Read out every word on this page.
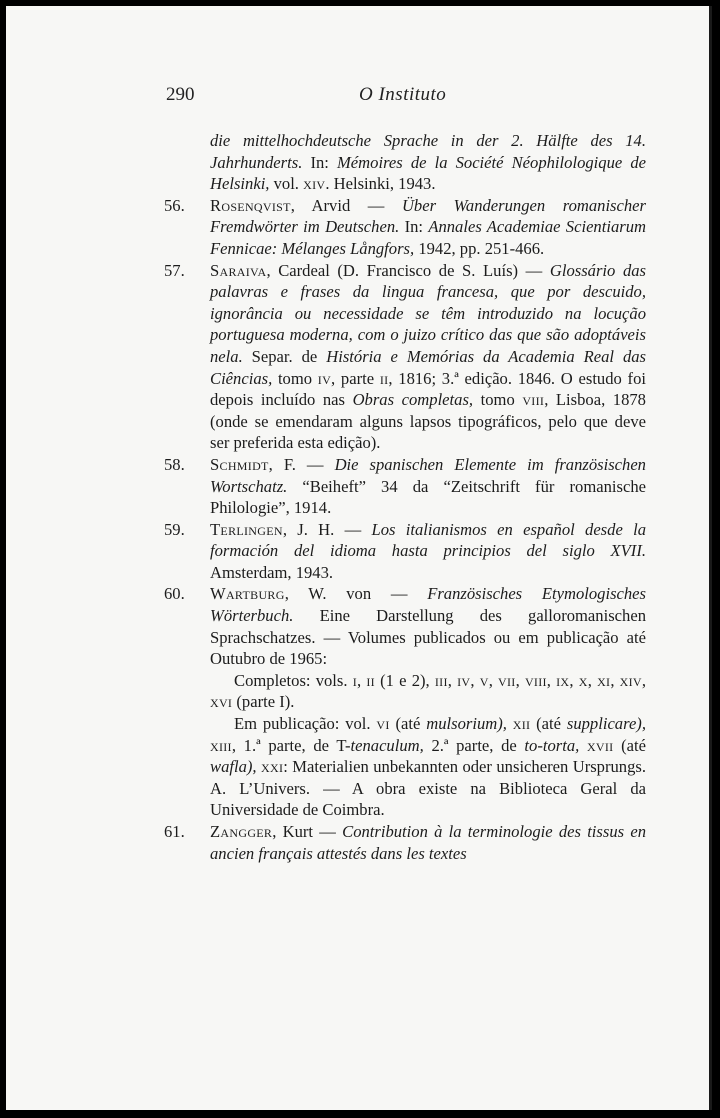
290	O Instituto
die mittelhochdeutsche Sprache in der 2. Hälfte des 14. Jahrhunderts. In: Mémoires de la Société Néophilologique de Helsinki, vol. xiv. Helsinki, 1943.
56. Rosenqvist, Arvid — Über Wanderungen romanischer Fremdwörter im Deutschen. In: Annales Academiae Scientiarum Fennicae: Mélanges Långfors, 1942, pp. 251-466.
57. Saraiva, Cardeal (D. Francisco de S. Luís) — Glossário das palavras e frases da lingua francesa, que por descuido, ignorância ou necessidade se têm introduzido na locução portuguesa moderna, com o juizo crítico das que são adoptáveis nela. Separ. de História e Memórias da Academia Real das Ciências, tomo iv, parte ii, 1816; 3.ª edição. 1846. O estudo foi depois incluído nas Obras completas, tomo viii, Lisboa, 1878 (onde se emendaram alguns lapsos tipográficos, pelo que deve ser preferida esta edição).
58. Schmidt, F. — Die spanischen Elemente im französischen Wortschatz. “Beiheft” 34 da “Zeitschrift für romanische Philologie”, 1914.
59. Terlingen, J. H. — Los italianismos en español desde la formación del idioma hasta principios del siglo XVII. Amsterdam, 1943.
60. Wartburg, W. von — Französisches Etymologisches Wörterbuch. Eine Darstellung des galloromanischen Sprachschatzes. — Volumes publicados ou em publicação até Outubro de 1965:
Completos: vols. i, ii (1 e 2), iii, iv, v, vii, viii, ix, x, xi, xiv, xvi (parte I).
Em publicação: vol. vi (até mulsorium), xii (até supplicare), xiii, 1.ª parte, de T-tenaculum, 2.ª parte, de to-torta, xvii (até wafla), xxi: Materialien unbekannten oder unsicheren Ursprungs. A. L’Univers. — A obra existe na Biblioteca Geral da Universidade de Coimbra.
61. Zangger, Kurt — Contribution à la terminologie des tissus en ancien français attestés dans les textes
